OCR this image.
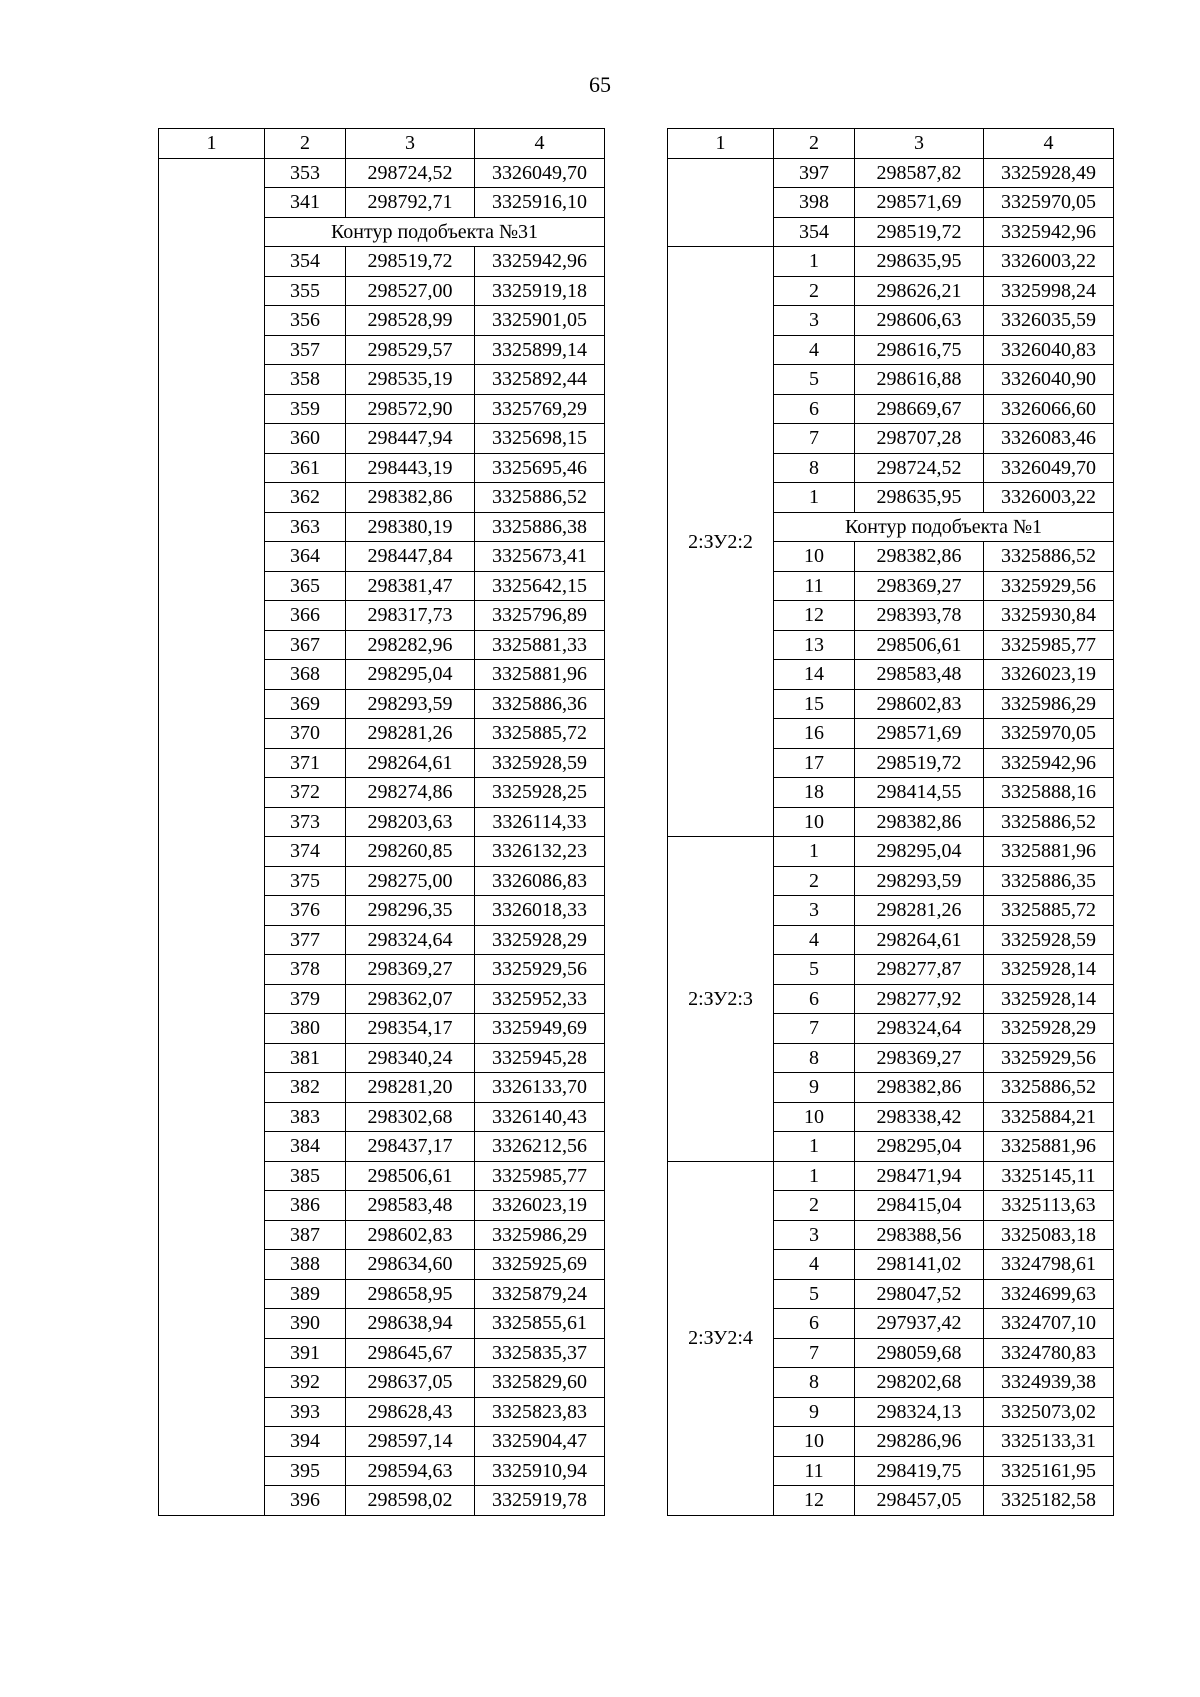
65
1	2	3	4
	353	298724,52	3326049,70
	341	298792,71	3325916,10
	Контур подобъекта №31		
	354	298519,72	3325942,96
	355	298527,00	3325919,18
	356	298528,99	3325901,05
	357	298529,57	3325899,14
	358	298535,19	3325892,44
	359	298572,90	3325769,29
	360	298447,94	3325698,15
	361	298443,19	3325695,46
	362	298382,86	3325886,52
	363	298380,19	3325886,38
	364	298447,84	3325673,41
	365	298381,47	3325642,15
	366	298317,73	3325796,89
	367	298282,96	3325881,33
	368	298295,04	3325881,96
	369	298293,59	3325886,36
	370	298281,26	3325885,72
	371	298264,61	3325928,59
	372	298274,86	3325928,25
	373	298203,63	3326114,33
	374	298260,85	3326132,23
	375	298275,00	3326086,83
	376	298296,35	3326018,33
	377	298324,64	3325928,29
	378	298369,27	3325929,56
	379	298362,07	3325952,33
	380	298354,17	3325949,69
	381	298340,24	3325945,28
	382	298281,20	3326133,70
	383	298302,68	3326140,43
	384	298437,17	3326212,56
	385	298506,61	3325985,77
	386	298583,48	3326023,19
	387	298602,83	3325986,29
	388	298634,60	3325925,69
	389	298658,95	3325879,24
	390	298638,94	3325855,61
	391	298645,67	3325835,37
	392	298637,05	3325829,60
	393	298628,43	3325823,83
	394	298597,14	3325904,47
	395	298594,63	3325910,94
	396	298598,02	3325919,78
1	2	3	4
	397	298587,82	3325928,49
	398	298571,69	3325970,05
	354	298519,72	3325942,96
2:ЗУ2:2	1	298635,95	3326003,22
	2	298626,21	3325998,24
	3	298606,63	3326035,59
	4	298616,75	3326040,83
	5	298616,88	3326040,90
	6	298669,67	3326066,60
	7	298707,28	3326083,46
	8	298724,52	3326049,70
	1	298635,95	3326003,22
	Контур подобъекта №1		
	10	298382,86	3325886,52
	11	298369,27	3325929,56
	12	298393,78	3325930,84
	13	298506,61	3325985,77
	14	298583,48	3326023,19
	15	298602,83	3325986,29
	16	298571,69	3325970,05
	17	298519,72	3325942,96
	18	298414,55	3325888,16
	10	298382,86	3325886,52
2:ЗУ2:3	1	298295,04	3325881,96
	2	298293,59	3325886,35
	3	298281,26	3325885,72
	4	298264,61	3325928,59
	5	298277,87	3325928,14
	6	298277,92	3325928,14
	7	298324,64	3325928,29
	8	298369,27	3325929,56
	9	298382,86	3325886,52
	10	298338,42	3325884,21
	1	298295,04	3325881,96
2:ЗУ2:4	1	298471,94	3325145,11
	2	298415,04	3325113,63
	3	298388,56	3325083,18
	4	298141,02	3324798,61
	5	298047,52	3324699,63
	6	297937,42	3324707,10
	7	298059,68	3324780,83
	8	298202,68	3324939,38
	9	298324,13	3325073,02
	10	298286,96	3325133,31
	11	298419,75	3325161,95
	12	298457,05	3325182,58
